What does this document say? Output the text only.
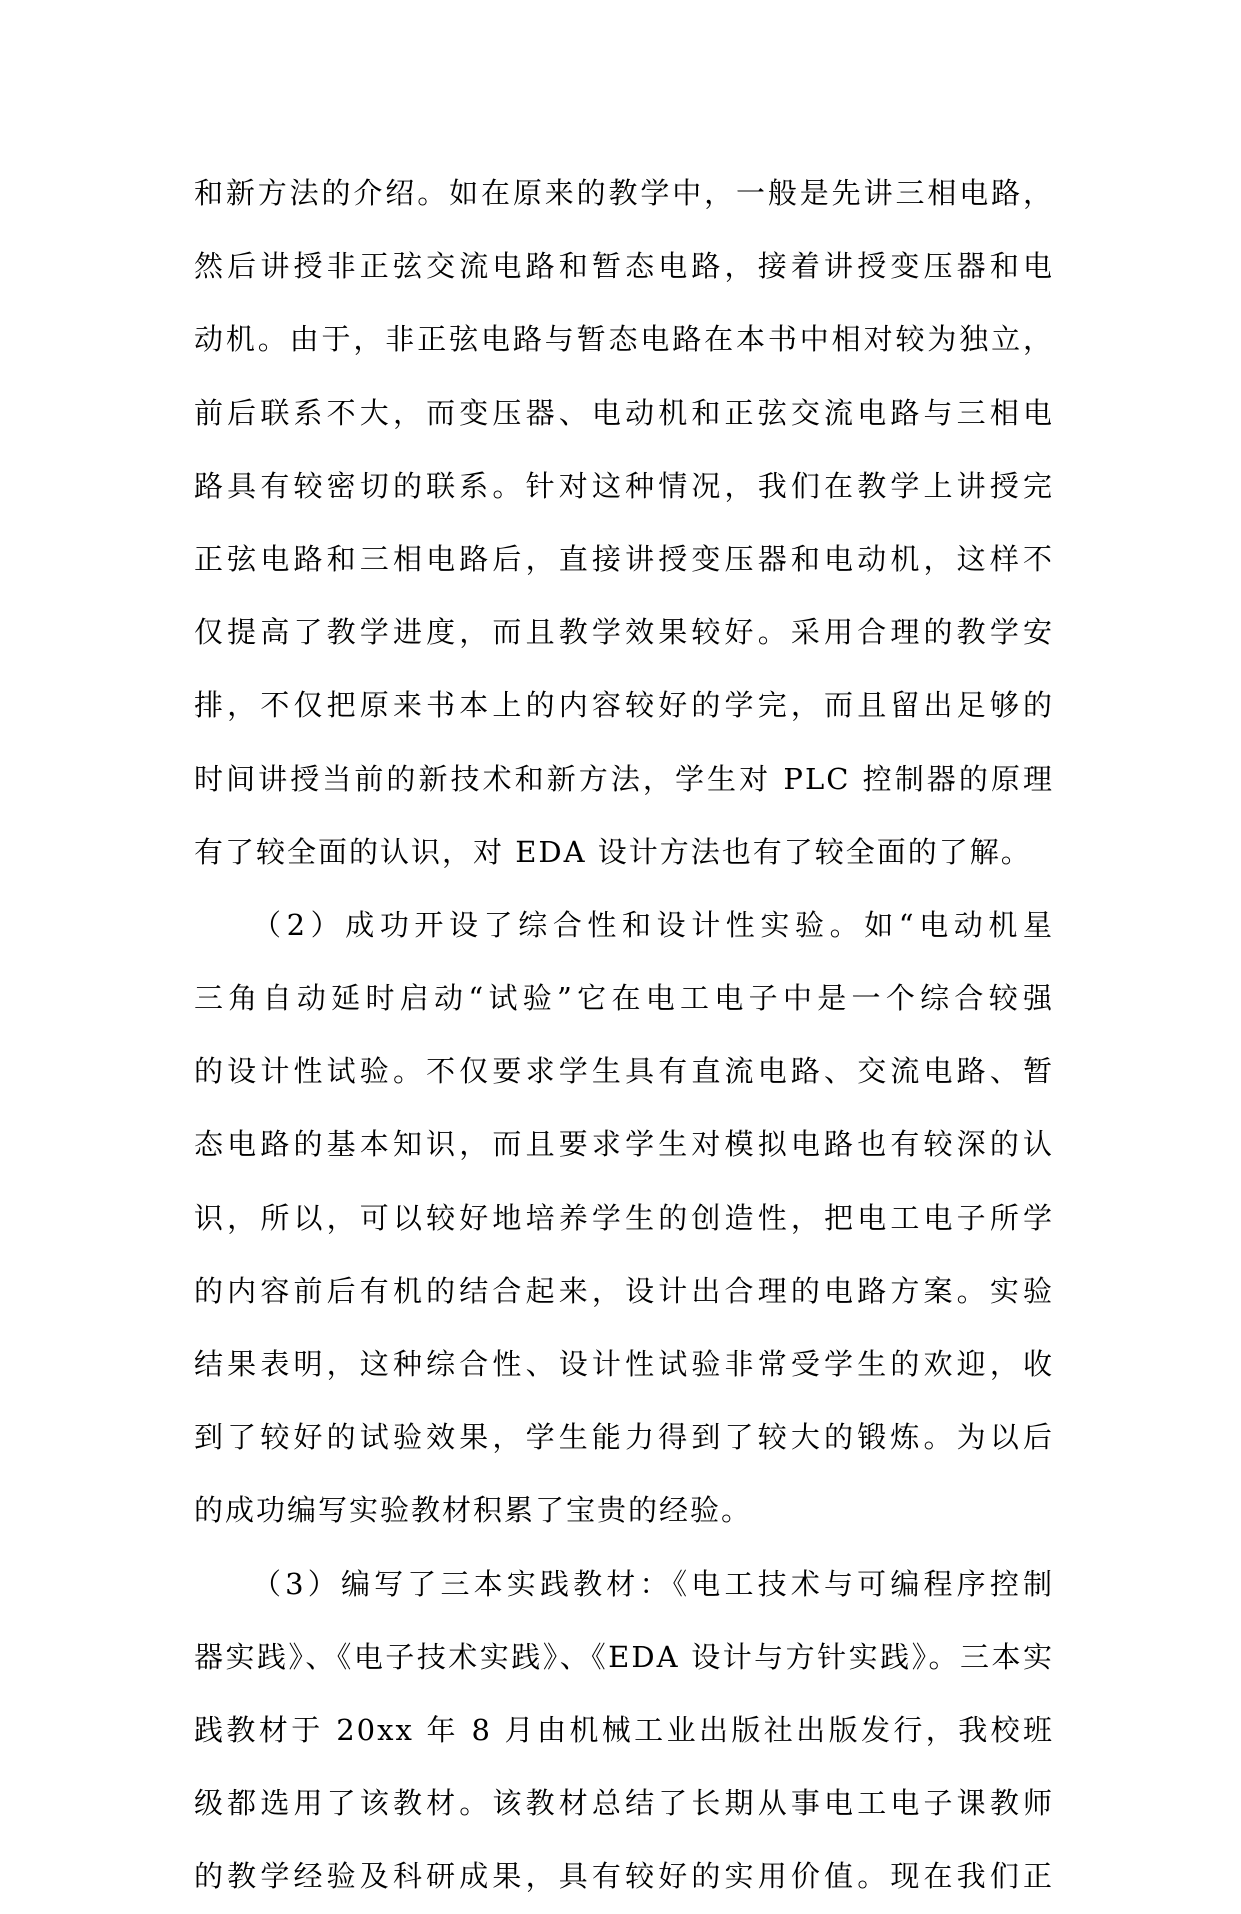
和新方法的介绍。如在原来的教学中，一般是先讲三相电路，
然后讲授非正弦交流电路和暂态电路，接着讲授变压器和电
动机。由于，非正弦电路与暂态电路在本书中相对较为独立，
前后联系不大，而变压器、电动机和正弦交流电路与三相电
路具有较密切的联系。针对这种情况，我们在教学上讲授完
正弦电路和三相电路后，直接讲授变压器和电动机，这样不
仅提高了教学进度，而且教学效果较好。采用合理的教学安
排，不仅把原来书本上的内容较好的学完，而且留出足够的
时间讲授当前的新技术和新方法，学生对 PLC 控制器的原理
有了较全面的认识，对 EDA 设计方法也有了较全面的了解。
（2）成功开设了综合性和设计性实验。如“电动机星
三角自动延时启动“试验”它在电工电子中是一个综合较强
的设计性试验。不仅要求学生具有直流电路、交流电路、暂
态电路的基本知识，而且要求学生对模拟电路也有较深的认
识，所以，可以较好地培养学生的创造性，把电工电子所学
的内容前后有机的结合起来，设计出合理的电路方案。实验
结果表明，这种综合性、设计性试验非常受学生的欢迎，收
到了较好的试验效果，学生能力得到了较大的锻炼。为以后
的成功编写实验教材积累了宝贵的经验。
（3）编写了三本实践教材：《电工技术与可编程序控制
器实践》、《电子技术实践》、《EDA 设计与方针实践》。三本实
践教材于 20xx 年 8 月由机械工业出版社出版发行，我校班
级都选用了该教材。该教材总结了长期从事电工电子课教师
的教学经验及科研成果，具有较好的实用价值。现在我们正
